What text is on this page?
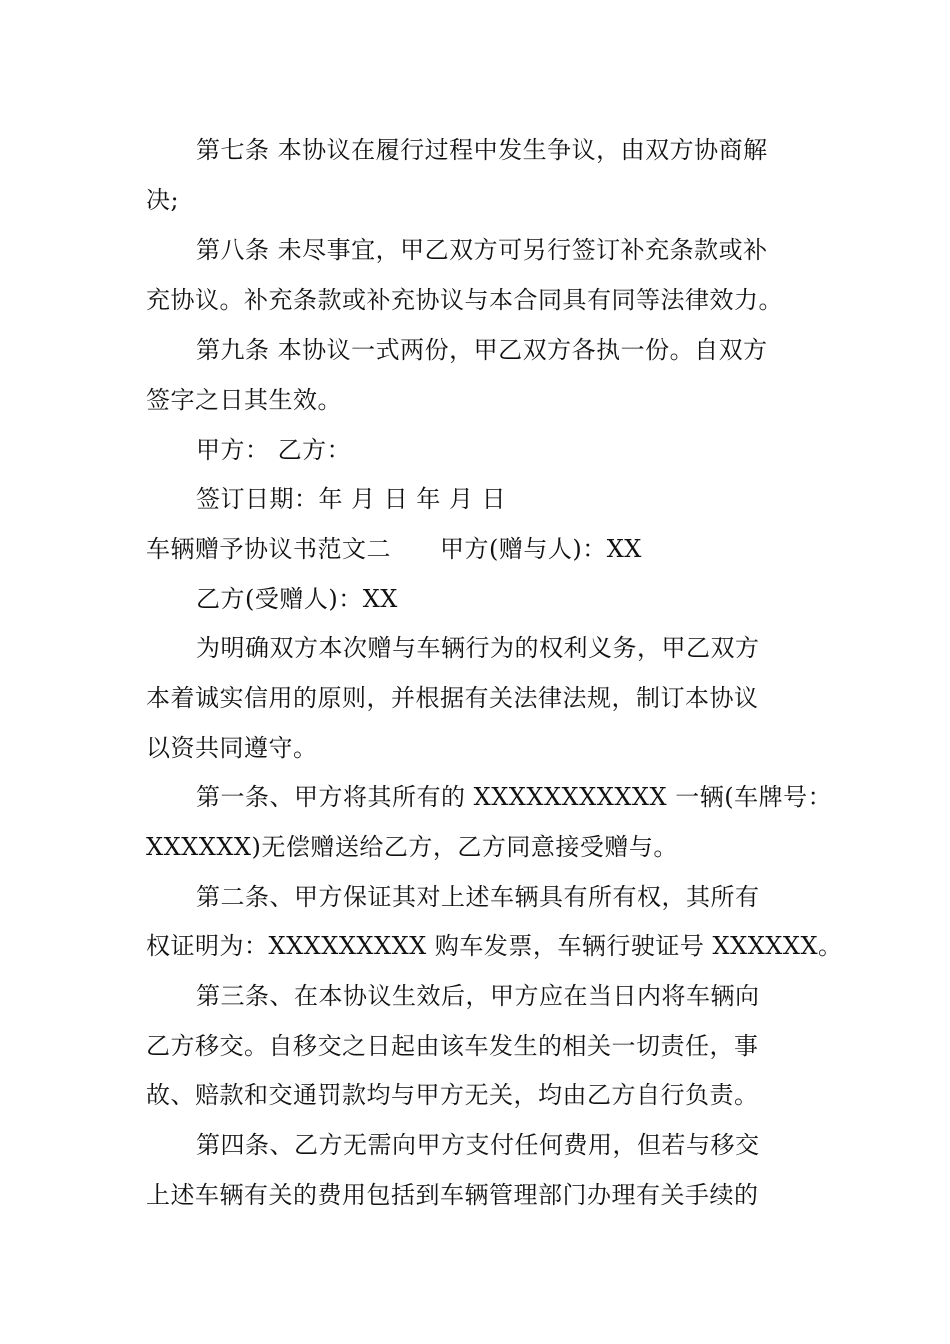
第七条 本协议在履行过程中发生争议，由双方协商解
决;
第八条 未尽事宜，甲乙双方可另行签订补充条款或补
充协议。补充条款或补充协议与本合同具有同等法律效力。
第九条 本协议一式两份，甲乙双方各执一份。自双方
签字之日其生效。
甲方： 乙方：
签订日期：年 月 日 年 月 日
车辆赠予协议书范文二　　甲方(赠与人)：XX
乙方(受赠人)：XX
为明确双方本次赠与车辆行为的权利义务，甲乙双方
本着诚实信用的原则，并根据有关法律法规，制订本协议
以资共同遵守。
第一条、甲方将其所有的 XXXXXXXXXXX 一辆(车牌号：
XXXXXX)无偿赠送给乙方，乙方同意接受赠与。
第二条、甲方保证其对上述车辆具有所有权，其所有
权证明为：XXXXXXXXX 购车发票，车辆行驶证号 XXXXXX。
第三条、在本协议生效后，甲方应在当日内将车辆向
乙方移交。自移交之日起由该车发生的相关一切责任，事
故、赔款和交通罚款均与甲方无关，均由乙方自行负责。
第四条、乙方无需向甲方支付任何费用，但若与移交
上述车辆有关的费用包括到车辆管理部门办理有关手续的
